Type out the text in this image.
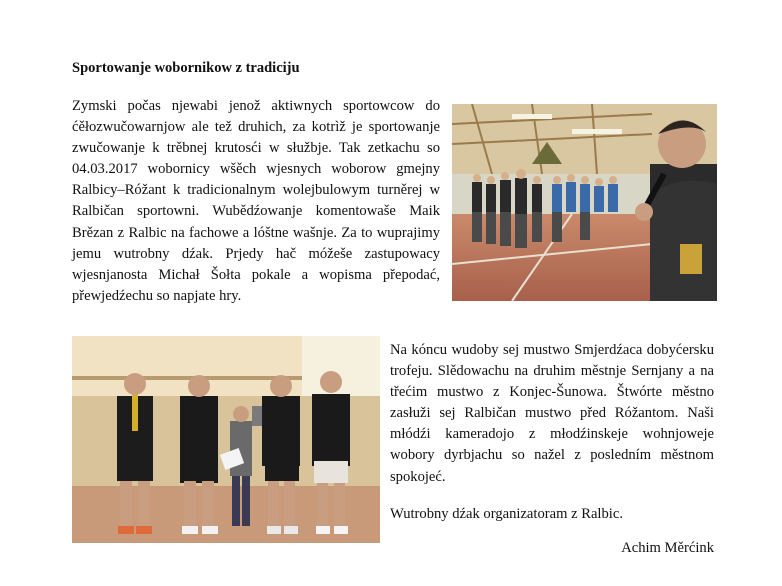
Sportowanje wobornikow z tradiciju

Zymski počas njewabi jenož aktiwnych sportowcow do ćěłozwučowarnjow ale tež druhich, za kotrìž je sportowanje zwučowanje k trěbnej krutosći w słužbje. Tak zetkachu so 04.03.2017 wobornicy wšěch wjesnych woborow gmejny Ralbicy–Róžant k tradicionalnym wolejbulowym turněrej w Ralbičan sportowni. Wubědźowanje komentowaše Maik Brězan z Ralbic na fachowe a lóštne wašnje. Za to wuprajimy jemu wutrobny dźak. Prjedy hač móžeše zastupowacy wjesnjanosta Michał Šołta pokale a wopisma přepodać, přewjedźechu so napjate hry.

Na kóncu wudoby sej mustwo Smjerdźaca dobyćersku trofeju. Slědowachu na druhim městnje Sernjany a na třećim mustwo z Konjec-Šunowa. Štwórte městno zasłuži sej Ralbičan mustwo před Róžantom. Naši młódźi kameradojo z młodźinskeje wohnjoweje wobory dyrbjachu so nažel z posledním městnom spokojeć.

Wutrobny dźak organizatoram z Ralbic.

Achim Měrćink
